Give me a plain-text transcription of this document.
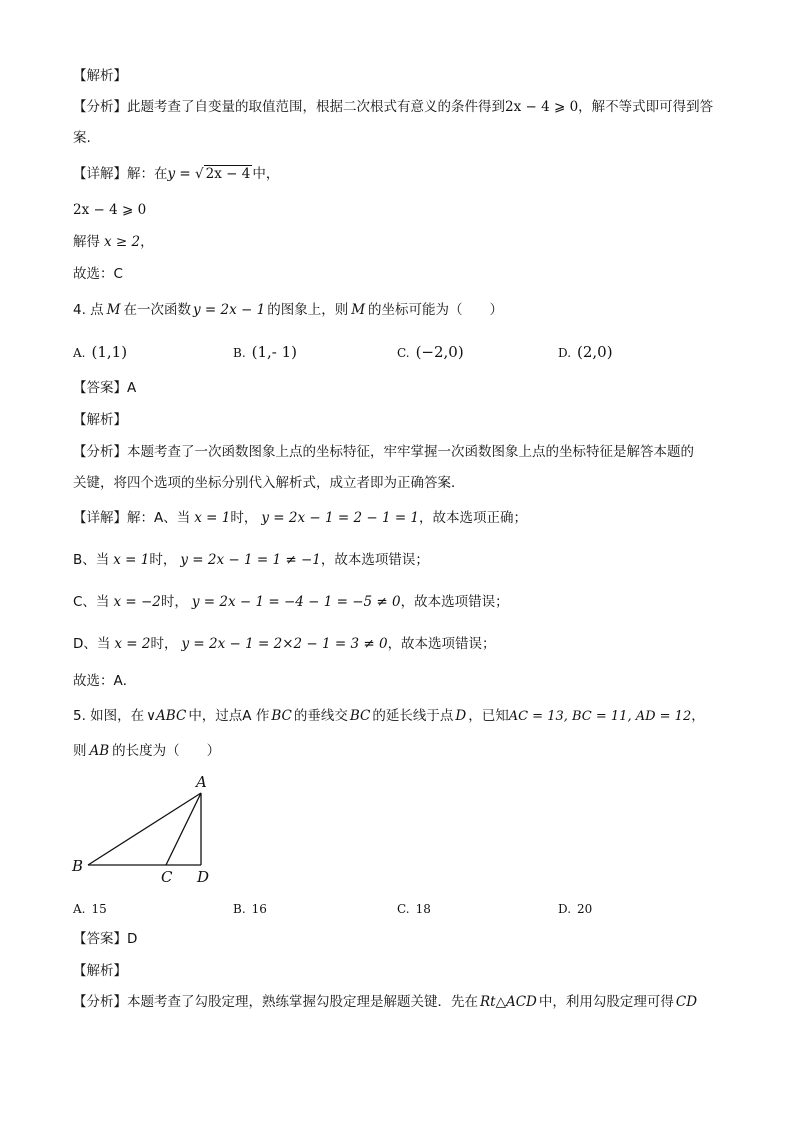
【解析】
【分析】此题考查了自变量的取值范围，根据二次根式有意义的条件得到2x − 4 ⩾ 0，解不等式即可得到答
案.
【详解】解：在y = √ 2x − 4 中，
2x − 4 ⩾ 0
解得 x ≥ 2，
故选：C
4. 点 M 在一次函数 y = 2x − 1 的图象上，则 M 的坐标可能为（　　）
A. (1,1)	B. (1,- 1)	C. (−2,0)	D. (2,0)
【答案】A
【解析】
【分析】本题考查了一次函数图象上点的坐标特征，牢牢掌握一次函数图象上点的坐标特征是解答本题的
关键，将四个选项的坐标分别代入解析式，成立者即为正确答案．
【详解】解：A、当 x = 1时， y = 2x − 1 = 2 − 1 = 1，故本选项正确；
B、当 x = 1时， y = 2x − 1 = 1 ≠ −1，故本选项错误；
C、当 x = −2时， y = 2x − 1 = −4 − 1 = −5 ≠ 0，故本选项错误；
D、当 x = 2时， y = 2x − 1 = 2×2 − 1 = 3 ≠ 0，故本选项错误；
故选：A．
5. 如图，在 ∨ABC 中，过点A 作 BC 的垂线交 BC 的延长线于点 D ，已知AC = 13, BC = 11, AD = 12，
则 AB 的长度为（　　）
A
B
C D
A. 15	B. 16	C. 18	D. 20
【答案】D
【解析】
【分析】本题考查了勾股定理，熟练掌握勾股定理是解题关键．先在 Rt△ACD 中，利用勾股定理可得 CD
